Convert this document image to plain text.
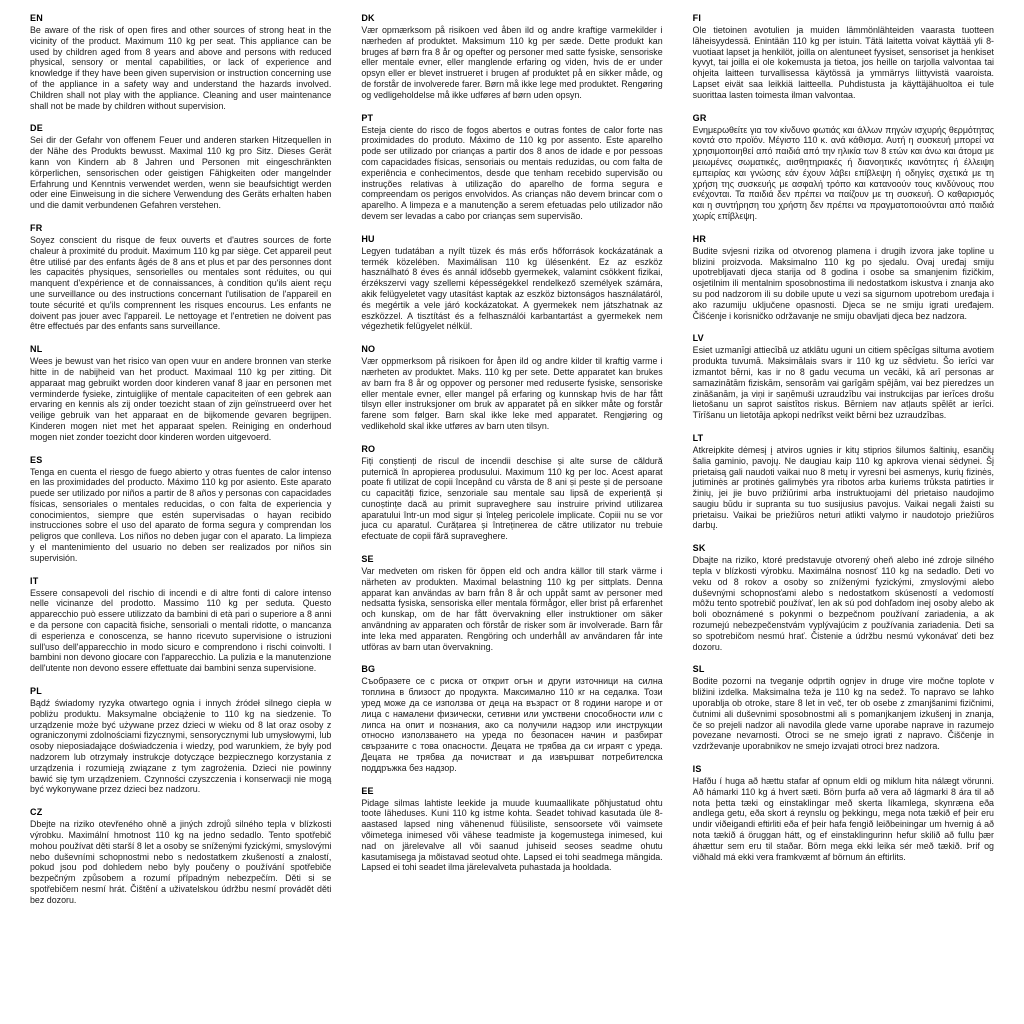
EN

Be aware of the risk of open fires and other sources of strong heat in the vicinity of the product. Maximum 110 kg per seat. This appliance can be used by children aged from 8 years and above and persons with reduced physical, sensory or mental capabilities, or lack of experience and knowledge if they have been given supervision or instruction concerning use of the appliance in a safety way and understand the hazards involved. Children shall not play with the appliance. Cleaning and user maintenance shall not be made by children without supervision.

DE

Sei dir der Gefahr von offenem Feuer und anderen starken Hitzequellen in der Nähe des Produkts bewusst. Maximal 110 kg pro Sitz. Dieses Gerät kann von Kindern ab 8 Jahren und Personen mit eingeschränkten körperlichen, sensorischen oder geistigen Fähigkeiten oder mangelnder Erfahrung und Kenntnis verwendet werden, wenn sie beaufsichtigt werden oder eine Einweisung in die sichere Verwendung des Geräts erhalten haben und die damit verbundenen Gefahren verstehen.

FR

Soyez conscient du risque de feux ouverts et d'autres sources de forte chaleur à proximité du produit. Maximum 110 kg par siège. Cet appareil peut être utilisé par des enfants âgés de 8 ans et plus et par des personnes dont les capacités physiques, sensorielles ou mentales sont réduites, ou qui manquent d'expérience et de connaissances, à condition qu'ils aient reçu une surveillance ou des instructions concernant l'utilisation de l'appareil en toute sécurité et qu'ils comprennent les risques encourus. Les enfants ne doivent pas jouer avec l'appareil. Le nettoyage et l'entretien ne doivent pas être effectués par des enfants sans surveillance.

NL

Wees je bewust van het risico van open vuur en andere bronnen van sterke hitte in de nabijheid van het product. Maximaal 110 kg per zitting. Dit apparaat mag gebruikt worden door kinderen vanaf 8 jaar en personen met verminderde fysieke, zintuiglijke of mentale capaciteiten of een gebrek aan ervaring en kennis als zij onder toezicht staan of zijn geïnstrueerd over het veilige gebruik van het apparaat en de bijkomende gevaren begrijpen. Kinderen mogen niet met het apparaat spelen. Reiniging en onderhoud mogen niet zonder toezicht door kinderen worden uitgevoerd.

ES

Tenga en cuenta el riesgo de fuego abierto y otras fuentes de calor intenso en las proximidades del producto. Máximo 110 kg por asiento. Este aparato puede ser utilizado por niños a partir de 8 años y personas con capacidades físicas, sensoriales o mentales reducidas, o con falta de experiencia y conocimientos, siempre que estén supervisadas o hayan recibido instrucciones sobre el uso del aparato de forma segura y comprendan los peligros que conlleva. Los niños no deben jugar con el aparato. La limpieza y el mantenimiento del usuario no deben ser realizados por niños sin supervisión.

IT

Essere consapevoli del rischio di incendi e di altre fonti di calore intenso nelle vicinanze del prodotto. Massimo 110 kg per seduta. Questo apparecchio può essere utilizzato da bambini di età pari o superiore a 8 anni e da persone con capacità fisiche, sensoriali o mentali ridotte, o mancanza di esperienza e conoscenza, se hanno ricevuto supervisione o istruzioni sull'uso dell'apparecchio in modo sicuro e comprendono i rischi coinvolti. I bambini non devono giocare con l'apparecchio. La pulizia e la manutenzione dell'utente non devono essere effettuate dai bambini senza supervisione.

PL

Bądź świadomy ryzyka otwartego ognia i innych źródeł silnego ciepła w pobliżu produktu. Maksymalne obciążenie to 110 kg na siedzenie. To urządzenie może być używane przez dzieci w wieku od 8 lat oraz osoby z ograniczonymi zdolnościami fizycznymi, sensorycznymi lub umysłowymi, lub osoby nieposiadające doświadczenia i wiedzy, pod warunkiem, że były pod nadzorem lub otrzymały instrukcje dotyczące bezpiecznego korzystania z urządzenia i rozumieją związane z tym zagrożenia. Dzieci nie powinny bawić się tym urządzeniem. Czynności czyszczenia i konserwacji nie mogą być wykonywane przez dzieci bez nadzoru.

CZ

Dbejte na riziko otevřeného ohně a jiných zdrojů silného tepla v blízkosti výrobku. Maximální hmotnost 110 kg na jedno sedadlo. Tento spotřebič mohou používat děti starší 8 let a osoby se sníženými fyzickými, smyslovými nebo duševními schopnostmi nebo s nedostatkem zkušeností a znalostí, pokud jsou pod dohledem nebo byly poučeny o používání spotřebiče bezpečným způsobem a rozumí případným nebezpečím. Děti si se spotřebičem nesmí hrát. Čištění a uživatelskou údržbu nesmí provádět děti bez dozoru.

DK

Vær opmærksom på risikoen ved åben ild og andre kraftige varmekilder i nærheden af produktet. Maksimum 110 kg per sæde. Dette produkt kan bruges af børn fra 8 år og opefter og personer med satte fysiske, sensoriske eller mentale evner, eller manglende erfaring og viden, hvis de er under opsyn eller er blevet instrueret i brugen af produktet på en sikker måde, og de forstår de involverede farer. Børn må ikke lege med produktet. Rengøring og vedligeholdelse må ikke udføres af børn uden opsyn.

PT

Esteja ciente do risco de fogos abertos e outras fontes de calor forte nas proximidades do produto. Máximo de 110 kg por assento. Este aparelho pode ser utilizado por crianças a partir dos 8 anos de idade e por pessoas com capacidades físicas, sensoriais ou mentais reduzidas, ou com falta de experiência e conhecimentos, desde que tenham recebido supervisão ou instruções relativas à utilização do aparelho de forma segura e compreendam os perigos envolvidos. As crianças não devem brincar com o aparelho. A limpeza e a manutenção a serem efetuadas pelo utilizador não devem ser levadas a cabo por crianças sem supervisão.

HU

Legyen tudatában a nyílt tüzek és más erős hőforrások kockázatának a termék közelében. Maximálisan 110 kg ülésenként. Ez az eszköz használható 8 éves és annál idősebb gyermekek, valamint csökkent fizikai, érzékszervi vagy szellemi képességekkel rendelkező személyek számára, akik felügyeletet vagy utasítást kaptak az eszköz biztonságos használatáról, és megértik a vele járó kockázatokat. A gyermekek nem játszhatnak az eszközzel. A tisztítást és a felhasználói karbantartást a gyermekek nem végezhetik felügyelet nélkül.

NO

Vær oppmerksom på risikoen for åpen ild og andre kilder til kraftig varme i nærheten av produktet. Maks. 110 kg per sete. Dette apparatet kan brukes av barn fra 8 år og oppover og personer med reduserte fysiske, sensoriske eller mentale evner, eller mangel på erfaring og kunnskap hvis de har fått tilsyn eller instruksjoner om bruk av apparatet på en sikker måte og forstår farene som følger. Barn skal ikke leke med apparatet. Rengjøring og vedlikehold skal ikke utføres av barn uten tilsyn.

RO

Fiți conștienți de riscul de incendii deschise și alte surse de căldură puternică în apropierea produsului. Maximum 110 kg per loc. Acest aparat poate fi utilizat de copii începând cu vârsta de 8 ani și peste și de persoane cu capacități fizice, senzoriale sau mentale sau lipsă de experiență și cunoștințe dacă au primit supraveghere sau instruire privind utilizarea aparatului într-un mod sigur și înțeleg pericolele implicate. Copiii nu se vor juca cu aparatul. Curățarea și întreținerea de către utilizator nu trebuie efectuate de copii fără supraveghere.

SE

Var medveten om risken för öppen eld och andra källor till stark värme i närheten av produkten. Maximal belastning 110 kg per sittplats. Denna apparat kan användas av barn från 8 år och uppåt samt av personer med nedsatta fysiska, sensoriska eller mentala förmågor, eller brist på erfarenhet och kunskap, om de har fått övervakning eller instruktioner om säker användning av apparaten och förstår de risker som är involverade. Barn får inte leka med apparaten. Rengöring och underhåll av användaren får inte utföras av barn utan övervakning.

BG

Съобразете се с риска от открит огън и други източници на силна топлина в близост до продукта. Максимално 110 кг на седалка. Този уред може да се използва от деца на възраст от 8 години нагоре и от лица с намалени физически, сетивни или умствени способности или с липса на опит и познания, ако са получили надзор или инструкции относно използването на уреда по безопасен начин и разбират свързаните с това опасности. Децата не трябва да си играят с уреда. Децата не трябва да почистват и да извършват потребителска поддръжка без надзор.

EE

Pidage silmas lahtiste leekide ja muude kuumaallikate põhjustatud ohtu toote läheduses. Kuni 110 kg istme kohta. Seadet tohivad kasutada üle 8-aastased lapsed ning vähenenud füüsiliste, sensoorsete või vaimsete võimetega inimesed või vähese teadmiste ja kogemustega inimesed, kui nad on järelevalve all või saanud juhiseid seoses seadme ohutu kasutamisega ja mõistavad seotud ohte. Lapsed ei tohi seadmega mängida. Lapsed ei tohi seadet ilma järelevalveta puhastada ja hooldada.

FI

Ole tietoinen avotulien ja muiden lämmönlähteiden vaarasta tuotteen läheisyydessä. Enintään 110 kg per istuin. Tätä laitetta voivat käyttää yli 8-vuotiaat lapset ja henkilöt, joilla on alentuneet fyysiset, sensoriset ja henkiset kyvyt, tai joilla ei ole kokemusta ja tietoa, jos heille on tarjolla valvontaa tai ohjeita laitteen turvallisessa käytössä ja ymmärrys liittyvistä vaaroista. Lapset eivät saa leikkiä laitteella. Puhdistusta ja käyttäjähuoltoa ei tule suorittaa lasten toimesta ilman valvontaa.

GR

Ενημερωθείτε για τον κίνδυνο φωτιάς και άλλων πηγών ισχυρής θερμότητας κοντά στο προϊόν. Μέγιστο 110 κ. ανά κάθισμα. Αυτή η συσκευή μπορεί να χρησιμοποιηθεί από παιδιά από την ηλικία των 8 ετών και άνω και άτομα με μειωμένες σωματικές, αισθητηριακές ή διανοητικές ικανότητες ή έλλειψη εμπειρίας και γνώσης εάν έχουν λάβει επίβλεψη ή οδηγίες σχετικά με τη χρήση της συσκευής με ασφαλή τρόπο και κατανοούν τους κινδύνους που ενέχονται. Τα παιδιά δεν πρέπει να παίζουν με τη συσκευή. Ο καθαρισμός και η συντήρηση του χρήστη δεν πρέπει να πραγματοποιούνται από παιδιά χωρίς επίβλεψη.

HR

Budite svjesni rizika od otvorenog plamena i drugih izvora jake topline u blizini proizvoda. Maksimalno 110 kg po sjedalu. Ovaj uređaj smiju upotrebljavati djeca starija od 8 godina i osobe sa smanjenim fizičkim, osjetilnim ili mentalnim sposobnostima ili nedostatkom iskustva i znanja ako su pod nadzorom ili su dobile upute u vezi sa sigurnom upotrebom uređaja i ako razumiju uključene opasnosti. Djeca se ne smiju igrati uređajem. Čišćenje i korisničko održavanje ne smiju obavljati djeca bez nadzora.

LV

Esiet uzmanīgi attiecībā uz atklātu uguni un citiem spēcīgas siltuma avotiem produkta tuvumā. Maksimālais svars ir 110 kg uz sēdvietu. Šo ierīci var izmantot bērni, kas ir no 8 gadu vecuma un vecāki, kā arī personas ar samazinātām fiziskām, sensorām vai garīgām spējām, vai bez pieredzes un zināšanām, ja viņi ir saņēmuši uzraudzību vai instrukcijas par ierīces drošu lietošanu un saprot saistītos riskus. Bērniem nav atļauts spēlēt ar ierīci. Tīrīšanu un lietotāja apkopi nedrīkst veikt bērni bez uzraudzības.

LT

Atkreipkite dėmesį į atviros ugnies ir kitų stiprios šilumos šaltinių, esančių šalia gaminio, pavojų. Ne daugiau kaip 110 kg apkrova vienai sėdynei. Šį prietaisą gali naudoti vaikai nuo 8 metų ir vyresni bei asmenys, kurių fizinės, jutiminės ar protinės galimybės yra ribotos arba kuriems trūksta patirties ir žinių, jei jie buvo prižiūrimi arba instruktuojami dėl prietaiso naudojimo saugiu būdu ir supranta su tuo susijusius pavojus. Vaikai negali žaisti su prietaisu. Vaikai be priežiūros neturi atlikti valymo ir naudotojo priežiūros darbų.

SK

Dbajte na riziko, ktoré predstavuje otvorený oheň alebo iné zdroje silného tepla v blízkosti výrobku. Maximálna nosnosť 110 kg na sedadlo. Deti vo veku od 8 rokov a osoby so zníženými fyzickými, zmyslovými alebo duševnými schopnosťami alebo s nedostatkom skúseností a vedomostí môžu tento spotrebič používať, len ak sú pod dohľadom inej osoby alebo ak boli oboznámené s pokynmi o bezpečnom používaní zariadenia, a ak rozumejú nebezpečenstvám vyplývajúcim z používania zariadenia. Deti sa so spotrebičom nesmú hrať. Čistenie a údržbu nesmú vykonávať deti bez dozoru.

SL

Bodite pozorni na tveganje odprtih ognjev in druge vire močne toplote v bližini izdelka. Maksimalna teža je 110 kg na sedež. To napravo se lahko uporablja ob otroke, stare 8 let in več, ter ob osebe z zmanjšanimi fizičnimi, čutnimi ali duševnimi sposobnostmi ali s pomanjkanjem izkušenj in znanja, če so prejeli nadzor ali navodila glede varne uporabe naprave in razumejo povezane nevarnosti. Otroci se ne smejo igrati z napravo. Čiščenje in vzdrževanje uporabnikov ne smejo izvajati otroci brez nadzora.

IS

Hafðu í huga að hættu stafar af opnum eldi og miklum hita nálægt vörunni. Að hámarki 110 kg á hvert sæti. Börn þurfa að vera að lágmarki 8 ára til að nota þetta tæki og einstaklingar með skerta líkamlega, skynræna eða andlega getu, eða skort á reynslu og þekkingu, mega nota tækið ef þeir eru undir viðeigandi eftirliti eða ef þeir hafa fengið leiðbeiningar um hvernig á að nota tækið á öruggan hátt, og ef einstaklingurinn hefur skilið að fullu þær áhættur sem eru til staðar. Börn mega ekki leika sér með tækið. Þrif og viðhald má ekki vera framkvæmt af börnum án eftirlits.
